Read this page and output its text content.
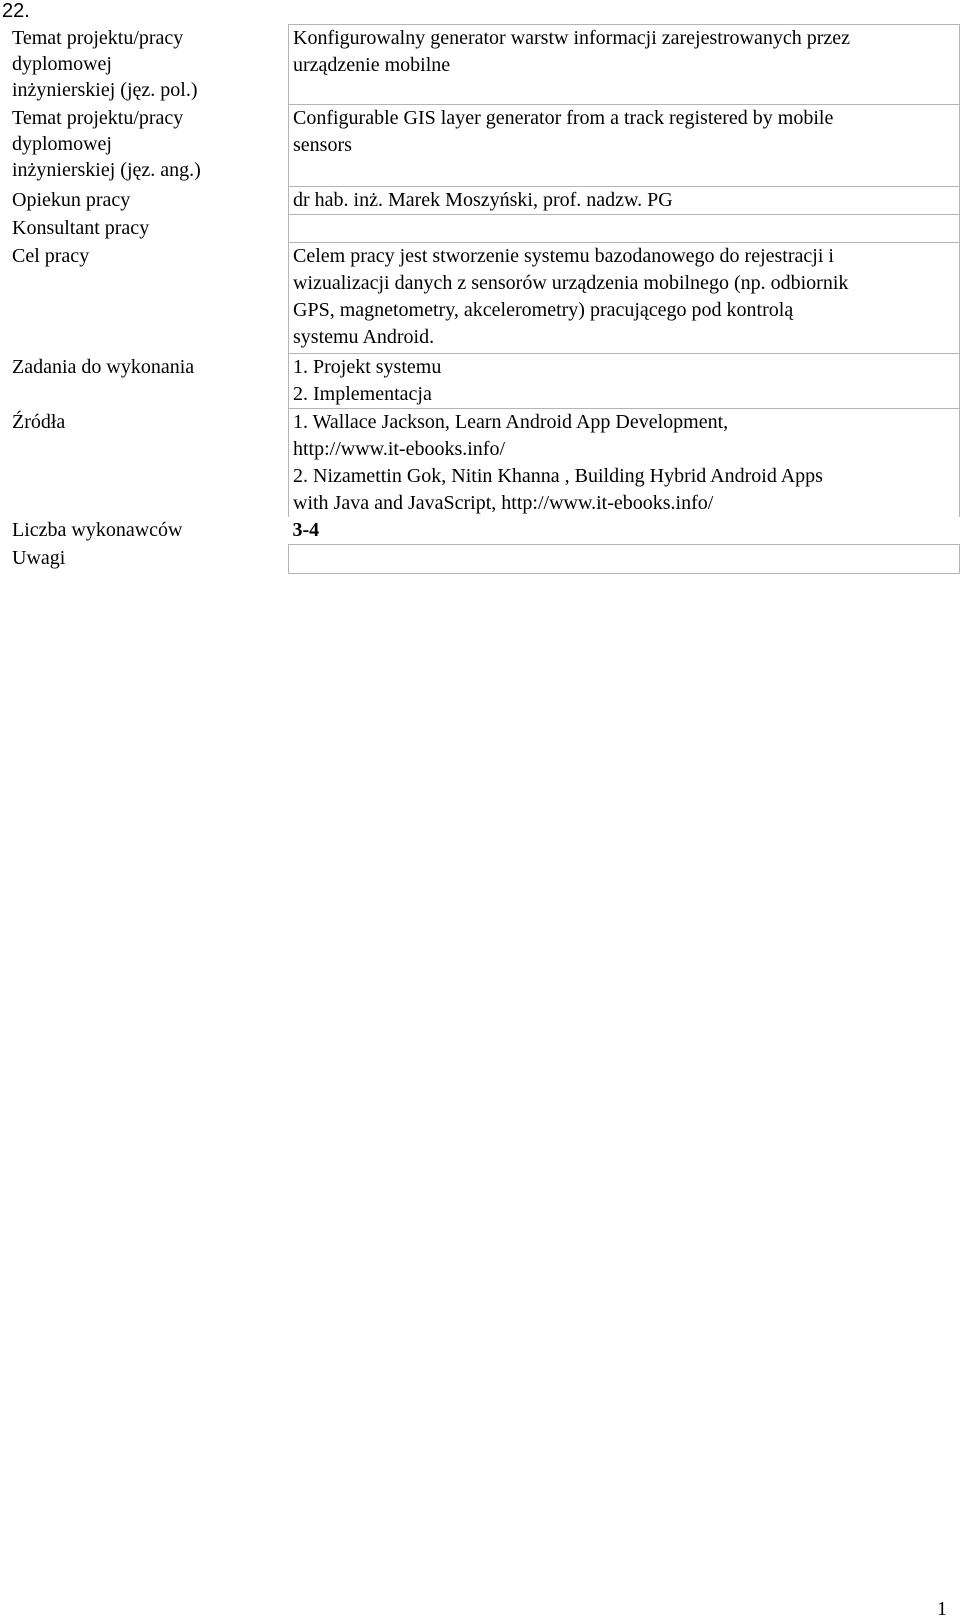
22.
Temat projektu/pracy
dyplomowej
inżynierskiej (jęz. pol.)	Konfigurowalny generator warstw informacji zarejestrowanych przez
urządzenie mobilne

Temat projektu/pracy
dyplomowej
inżynierskiej (jęz. ang.)	Configurable GIS layer generator from a track registered by mobile
sensors

Opiekun pracy	dr hab. inż. Marek Moszyński, prof. nadzw. PG
Konsultant pracy	
Cel pracy	Celem pracy jest stworzenie systemu bazodanowego do rejestracji i
wizualizacji danych z sensorów urządzenia mobilnego (np. odbiornik
GPS, magnetometry, akcelerometry) pracującego pod kontrolą
systemu Android.

Zadania do wykonania	1. Projekt systemu
2. Implementacja

Źródła	1. Wallace Jackson, Learn Android App Development,
http://www.it-ebooks.info/
2. Nizamettin Gok, Nitin Khanna , Building Hybrid Android Apps
with Java and JavaScript, http://www.it-ebooks.info/

Liczba wykonawców	3-4
Uwagi	
1
